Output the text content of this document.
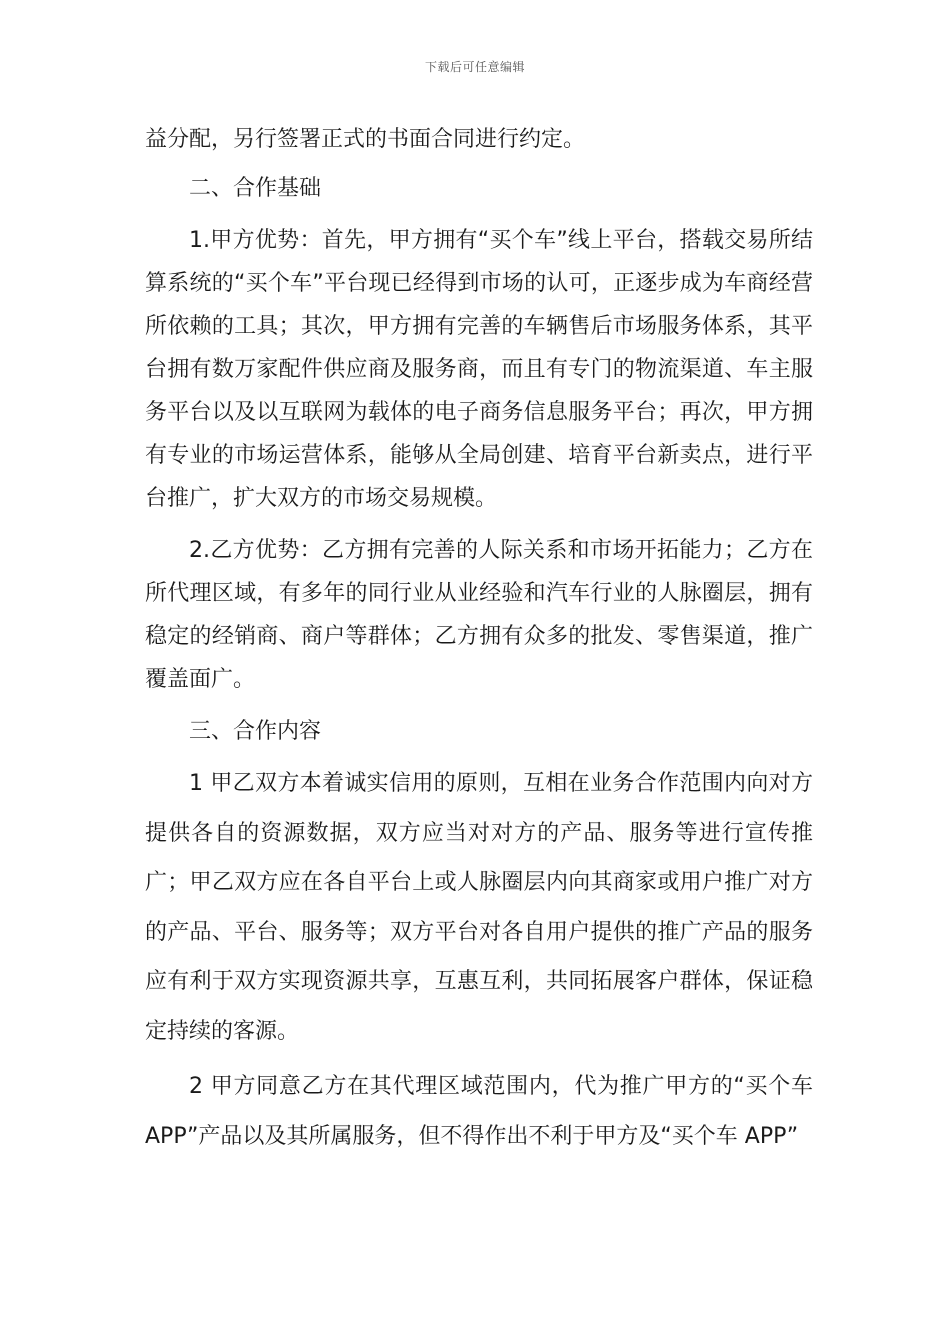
下载后可任意编辑

益分配，另行签署正式的书面合同进行约定。

二、合作基础

1.甲方优势：首先，甲方拥有“买个车”线上平台，搭载交易所结算系统的“买个车”平台现已经得到市场的认可，正逐步成为车商经营所依赖的工具；其次，甲方拥有完善的车辆售后市场服务体系，其平台拥有数万家配件供应商及服务商，而且有专门的物流渠道、车主服务平台以及以互联网为载体的电子商务信息服务平台；再次，甲方拥有专业的市场运营体系，能够从全局创建、培育平台新卖点，进行平台推广，扩大双方的市场交易规模。

2.乙方优势：乙方拥有完善的人际关系和市场开拓能力；乙方在所代理区域，有多年的同行业从业经验和汽车行业的人脉圈层，拥有稳定的经销商、商户等群体；乙方拥有众多的批发、零售渠道，推广覆盖面广。

三、合作内容

1 甲乙双方本着诚实信用的原则，互相在业务合作范围内向对方提供各自的资源数据，双方应当对对方的产品、服务等进行宣传推广；甲乙双方应在各自平台上或人脉圈层内向其商家或用户推广对方的产品、平台、服务等；双方平台对各自用户提供的推广产品的服务应有利于双方实现资源共享，互惠互利，共同拓展客户群体，保证稳定持续的客源。

2 甲方同意乙方在其代理区域范围内，代为推广甲方的“买个车 APP”产品以及其所属服务，但不得作出不利于甲方及“买个车 APP”
